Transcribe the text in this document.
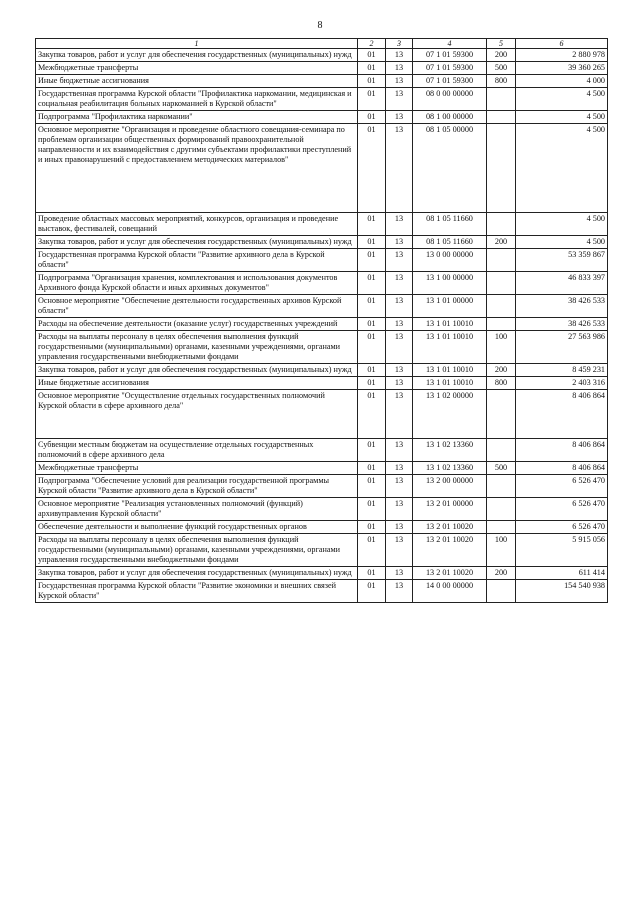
8
1	2	3	4	5	6
Закупка товаров, работ и услуг для обеспечения государственных (муниципальных) нужд	01	13	07 1 01 59300	200	2 880 978
Межбюджетные трансферты	01	13	07 1 01 59300	500	39 360 265
Иные бюджетные ассигнования	01	13	07 1 01 59300	800	4 000
Государственная программа Курской области "Профилактика наркомании, медицинская и социальная реабилитация больных наркоманией в Курской области"	01	13	08 0 00 00000		4 500
Подпрограмма "Профилактика наркомании"	01	13	08 1 00 00000		4 500
Основное мероприятие "Организация и проведение областного совещания-семинара по проблемам организации общественных формирований правоохранительной направленности и их взаимодействия с другими субъектами профилактики преступлений и иных правонарушений с предоставлением методических материалов"	01	13	08 1 05 00000		4 500
Проведение областных массовых мероприятий, конкурсов, организация и проведение выставок, фестивалей, совещаний	01	13	08 1 05 11660		4 500
Закупка товаров, работ и услуг для обеспечения государственных (муниципальных) нужд	01	13	08 1 05 11660	200	4 500
Государственная программа Курской области "Развитие архивного дела в Курской области"	01	13	13 0 00 00000		53 359 867
Подпрограмма "Организация хранения, комплектования и использования документов Архивного фонда Курской области и иных архивных документов"	01	13	13 1 00 00000		46 833 397
Основное мероприятие "Обеспечение деятельности государственных архивов Курской области"	01	13	13 1 01 00000		38 426 533
Расходы на обеспечение деятельности (оказание услуг) государственных учреждений	01	13	13 1 01 10010		38 426 533
Расходы на выплаты персоналу в целях обеспечения выполнения функций государственными (муниципальными) органами, казенными учреждениями, органами управления государственными внебюджетными фондами	01	13	13 1 01 10010	100	27 563 986
Закупка товаров, работ и услуг для обеспечения государственных (муниципальных) нужд	01	13	13 1 01 10010	200	8 459 231
Иные бюджетные ассигнования	01	13	13 1 01 10010	800	2 403 316
Основное мероприятие "Осуществление отдельных государственных полномочий Курской области в сфере архивного дела"	01	13	13 1 02 00000		8 406 864
Субвенции местным бюджетам на осуществление отдельных государственных полномочий в сфере архивного дела	01	13	13 1 02 13360		8 406 864
Межбюджетные трансферты	01	13	13 1 02 13360	500	8 406 864
Подпрограмма "Обеспечение условий для реализации государственной программы Курской области "Развитие архивного дела в Курской области"	01	13	13 2 00 00000		6 526 470
Основное мероприятие "Реализация установленных полномочий (функций) архивуправления Курской области"	01	13	13 2 01 00000		6 526 470
Обеспечение деятельности и выполнение функций государственных органов	01	13	13 2 01 10020		6 526 470
Расходы на выплаты персоналу в целях обеспечения выполнения функций государственными (муниципальными) органами, казенными учреждениями, органами управления государственными внебюджетными фондами	01	13	13 2 01 10020	100	5 915 056
Закупка товаров, работ и услуг для обеспечения государственных (муниципальных) нужд	01	13	13 2 01 10020	200	611 414
Государственная программа Курской области "Развитие экономики и внешних связей Курской области"	01	13	14 0 00 00000		154 540 938
